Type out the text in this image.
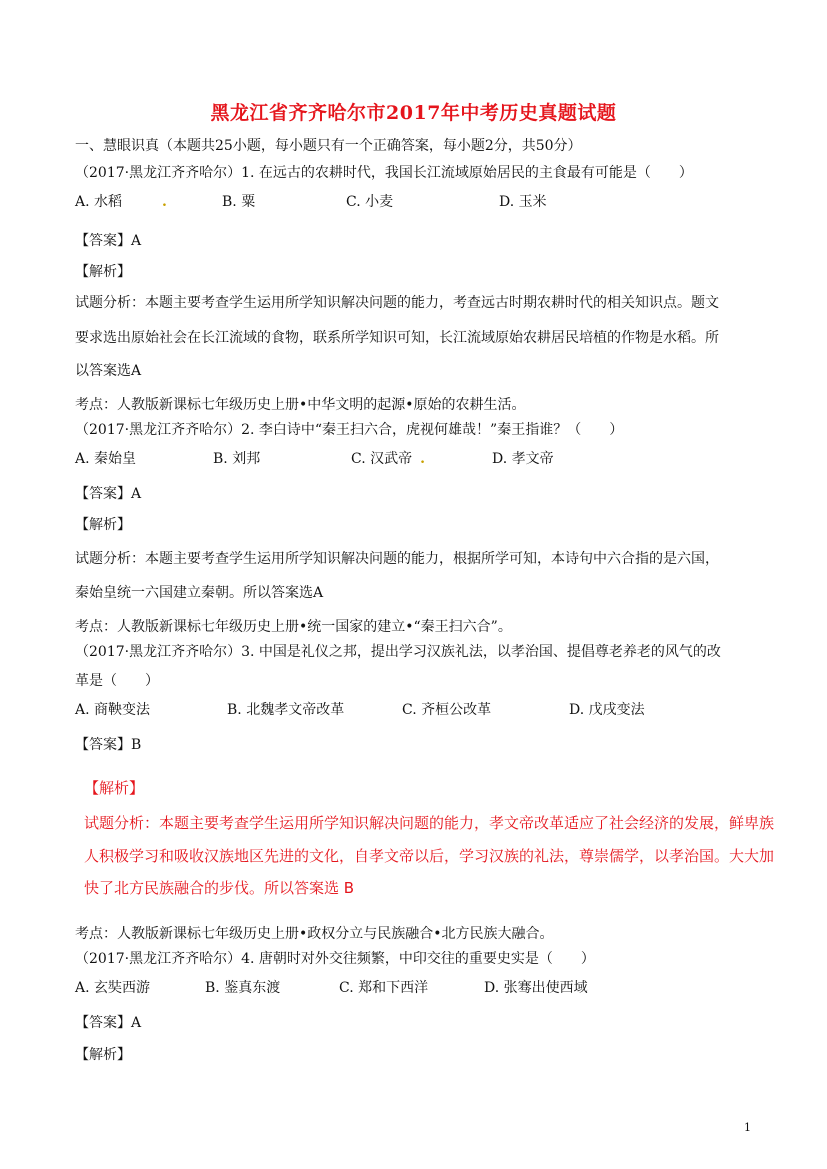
黑龙江省齐齐哈尔市2017年中考历史真题试题
一、慧眼识真（本题共25小题，每小题只有一个正确答案，每小题2分，共50分）
（2017·黑龙江齐齐哈尔）1. 在远古的农耕时代，我国长江流域原始居民的主食最有可能是（　　）
A. 水稻	.	B. 粟	C. 小麦	D. 玉米
【答案】A
【解析】
试题分析：本题主要考查学生运用所学知识解决问题的能力，考查远古时期农耕时代的相关知识点。题文
要求选出原始社会在长江流域的食物，联系所学知识可知，长江流域原始农耕居民培植的作物是水稻。所
以答案选A
考点：人教版新课标七年级历史上册•中华文明的起源•原始的农耕生活。
（2017·黑龙江齐齐哈尔）2. 李白诗中“秦王扫六合，虎视何雄哉！”秦王指谁？（　　）
A. 秦始皇	B. 刘邦	C. 汉武帝 .	D. 孝文帝
【答案】A
【解析】
试题分析：本题主要考查学生运用所学知识解决问题的能力，根据所学可知，本诗句中六合指的是六国，
秦始皇统一六国建立秦朝。所以答案选A
考点：人教版新课标七年级历史上册•统一国家的建立•“秦王扫六合”。
（2017·黑龙江齐齐哈尔）3. 中国是礼仪之邦，提出学习汉族礼法，以孝治国、提倡尊老养老的风气的改
革是（　　）
A. 商鞅变法	B. 北魏孝文帝改革	C. 齐桓公改革	D. 戊戌变法
【答案】B
【解析】
试题分析：本题主要考查学生运用所学知识解决问题的能力，孝文帝改革适应了社会经济的发展，鲜卑族
人积极学习和吸收汉族地区先进的文化，自孝文帝以后，学习汉族的礼法，尊崇儒学，以孝治国。大大加
快了北方民族融合的步伐。所以答案选 B
考点：人教版新课标七年级历史上册•政权分立与民族融合•北方民族大融合。
（2017·黑龙江齐齐哈尔）4. 唐朝时对外交往频繁，中印交往的重要史实是（　　）
A. 玄奘西游	B. 鉴真东渡	C. 郑和下西洋	D. 张骞出使西域
【答案】A
【解析】
1
